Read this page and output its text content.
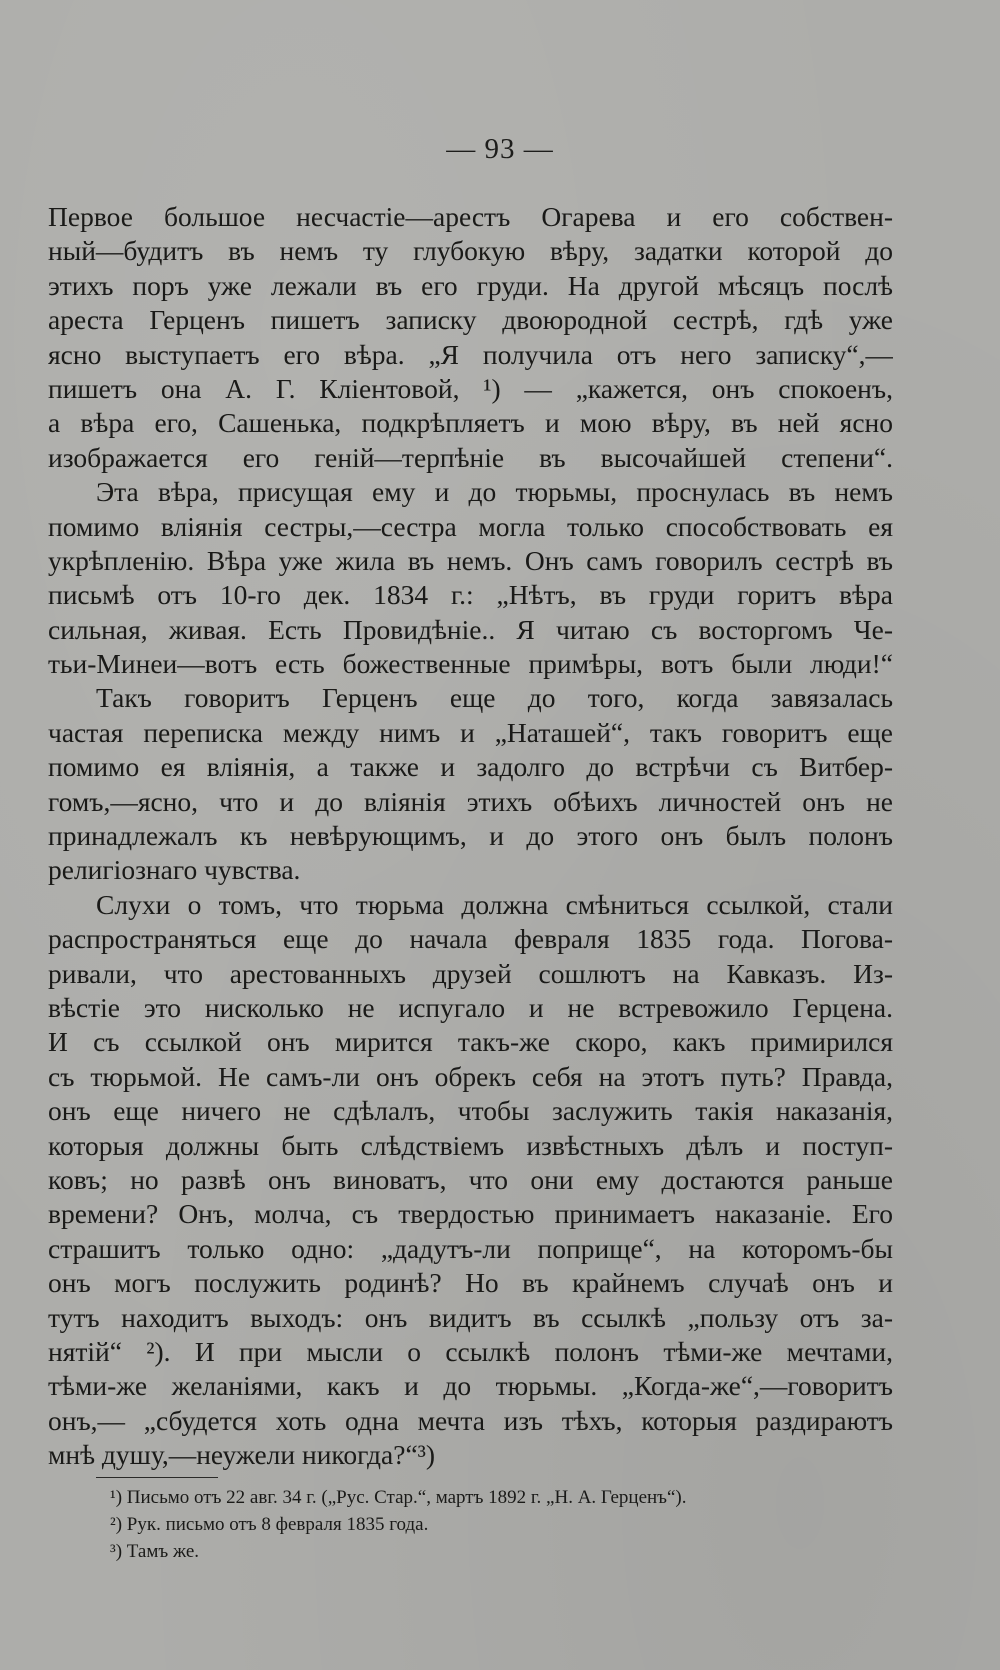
— 93 —
Первое большое несчастіе—арестъ Огарева и его собствен-
ный—будитъ въ немъ ту глубокую вѣру, задатки которой до
этихъ поръ уже лежали въ его груди. На другой мѣсяцъ послѣ
ареста Герценъ пишетъ записку двоюродной сестрѣ, гдѣ уже
ясно выступаетъ его вѣра. „Я получила отъ него записку“,—
пишетъ она А. Г. Кліентовой, ¹) — „кажется, онъ спокоенъ,
а вѣра его, Сашенька, подкрѣпляетъ и мою вѣру, въ ней ясно
изображается его геній—терпѣніе въ высочайшей степени“.
Эта вѣра, присущая ему и до тюрьмы, проснулась въ немъ
помимо вліянія сестры,—сестра могла только способствовать ея
укрѣпленію. Вѣра уже жила въ немъ. Онъ самъ говорилъ сестрѣ въ
письмѣ отъ 10-го дек. 1834 г.: „Нѣтъ, въ груди горитъ вѣра
сильная, живая. Есть Провидѣніе.. Я читаю съ восторгомъ Че-
тьи-Минеи—вотъ есть божественные примѣры, вотъ были люди!“
Такъ говоритъ Герценъ еще до того, когда завязалась
частая переписка между нимъ и „Наташей“, такъ говоритъ еще
помимо ея вліянія, а также и задолго до встрѣчи съ Витбер-
гомъ,—ясно, что и до вліянія этихъ обѣихъ личностей онъ не
принадлежалъ къ невѣрующимъ, и до этого онъ былъ полонъ
религіознаго чувства.
Слухи о томъ, что тюрьма должна смѣниться ссылкой, стали
распространяться еще до начала февраля 1835 года. Погова-
ривали, что арестованныхъ друзей сошлютъ на Кавказъ. Из-
вѣстіе это нисколько не испугало и не встревожило Герцена.
И съ ссылкой онъ мирится такъ-же скоро, какъ примирился
съ тюрьмой. Не самъ-ли онъ обрекъ себя на этотъ путь? Правда,
онъ еще ничего не сдѣлалъ, чтобы заслужить такія наказанія,
которыя должны быть слѣдствіемъ извѣстныхъ дѣлъ и поступ-
ковъ; но развѣ онъ виноватъ, что они ему достаются раньше
времени? Онъ, молча, съ твердостью принимаетъ наказаніе. Его
страшитъ только одно: „дадутъ-ли поприще“, на которомъ-бы
онъ могъ послужить родинѣ? Но въ крайнемъ случаѣ онъ и
тутъ находитъ выходъ: онъ видитъ въ ссылкѣ „пользу отъ за-
нятій“ ²). И при мысли о ссылкѣ полонъ тѣми-же мечтами,
тѣми-же желаніями, какъ и до тюрьмы. „Когда-же“,—говоритъ
онъ,— „сбудется хоть одна мечта изъ тѣхъ, которыя раздираютъ
мнѣ душу,—неужели никогда?“³)
¹) Письмо отъ 22 авг. 34 г. („Рус. Стар.“, мартъ 1892 г. „Н. А. Герценъ“).
²) Рук. письмо отъ 8 февраля 1835 года.
³) Тамъ же.
